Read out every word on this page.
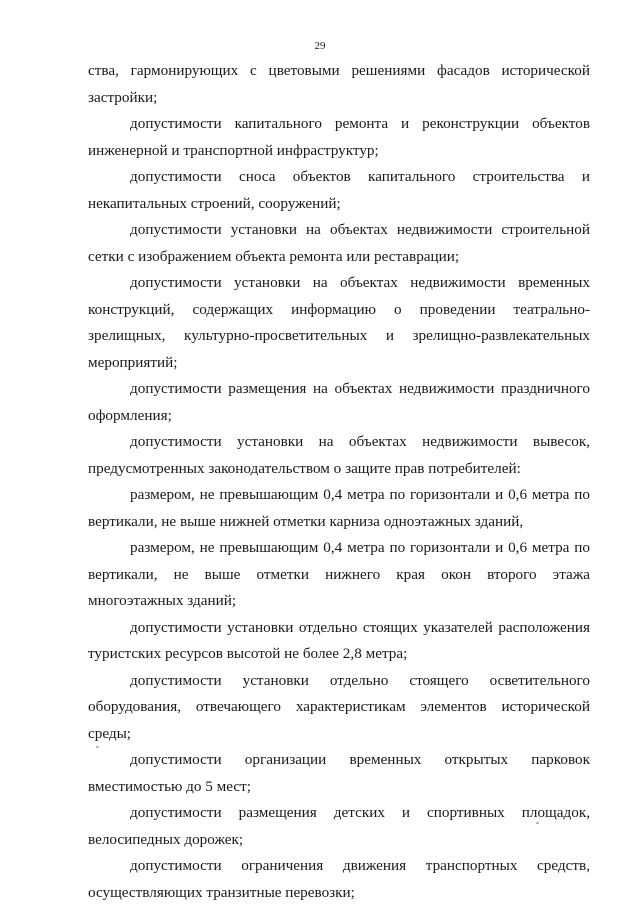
29

ства, гармонирующих с цветовыми решениями фасадов исторической застройки;

допустимости капитального ремонта и реконструкции объектов инженерной и транспортной инфраструктур;

допустимости сноса объектов капитального строительства и некапитальных строений, сооружений;

допустимости установки на объектах недвижимости строительной сетки с изображением объекта ремонта или реставрации;

допустимости установки на объектах недвижимости временных конструкций, содержащих информацию о проведении театрально-зрелищных, культурно-просветительных и зрелищно-развлекательных мероприятий;

допустимости размещения на объектах недвижимости праздничного оформления;

допустимости установки на объектах недвижимости вывесок, предусмотренных законодательством о защите прав потребителей:

размером, не превышающим 0,4 метра по горизонтали и 0,6 метра по вертикали, не выше нижней отметки карниза одноэтажных зданий,

размером, не превышающим 0,4 метра по горизонтали и 0,6 метра по вертикали, не выше отметки нижнего края окон второго этажа многоэтажных зданий;

допустимости установки отдельно стоящих указателей расположения туристских ресурсов высотой не более 2,8 метра;

допустимости установки отдельно стоящего осветительного оборудования, отвечающего характеристикам элементов исторической среды;

допустимости организации временных открытых парковок вместимостью до 5 мест;

допустимости размещения детских и спортивных площадок, велосипедных дорожек;

допустимости ограничения движения транспортных средств, осуществляющих транзитные перевозки;
